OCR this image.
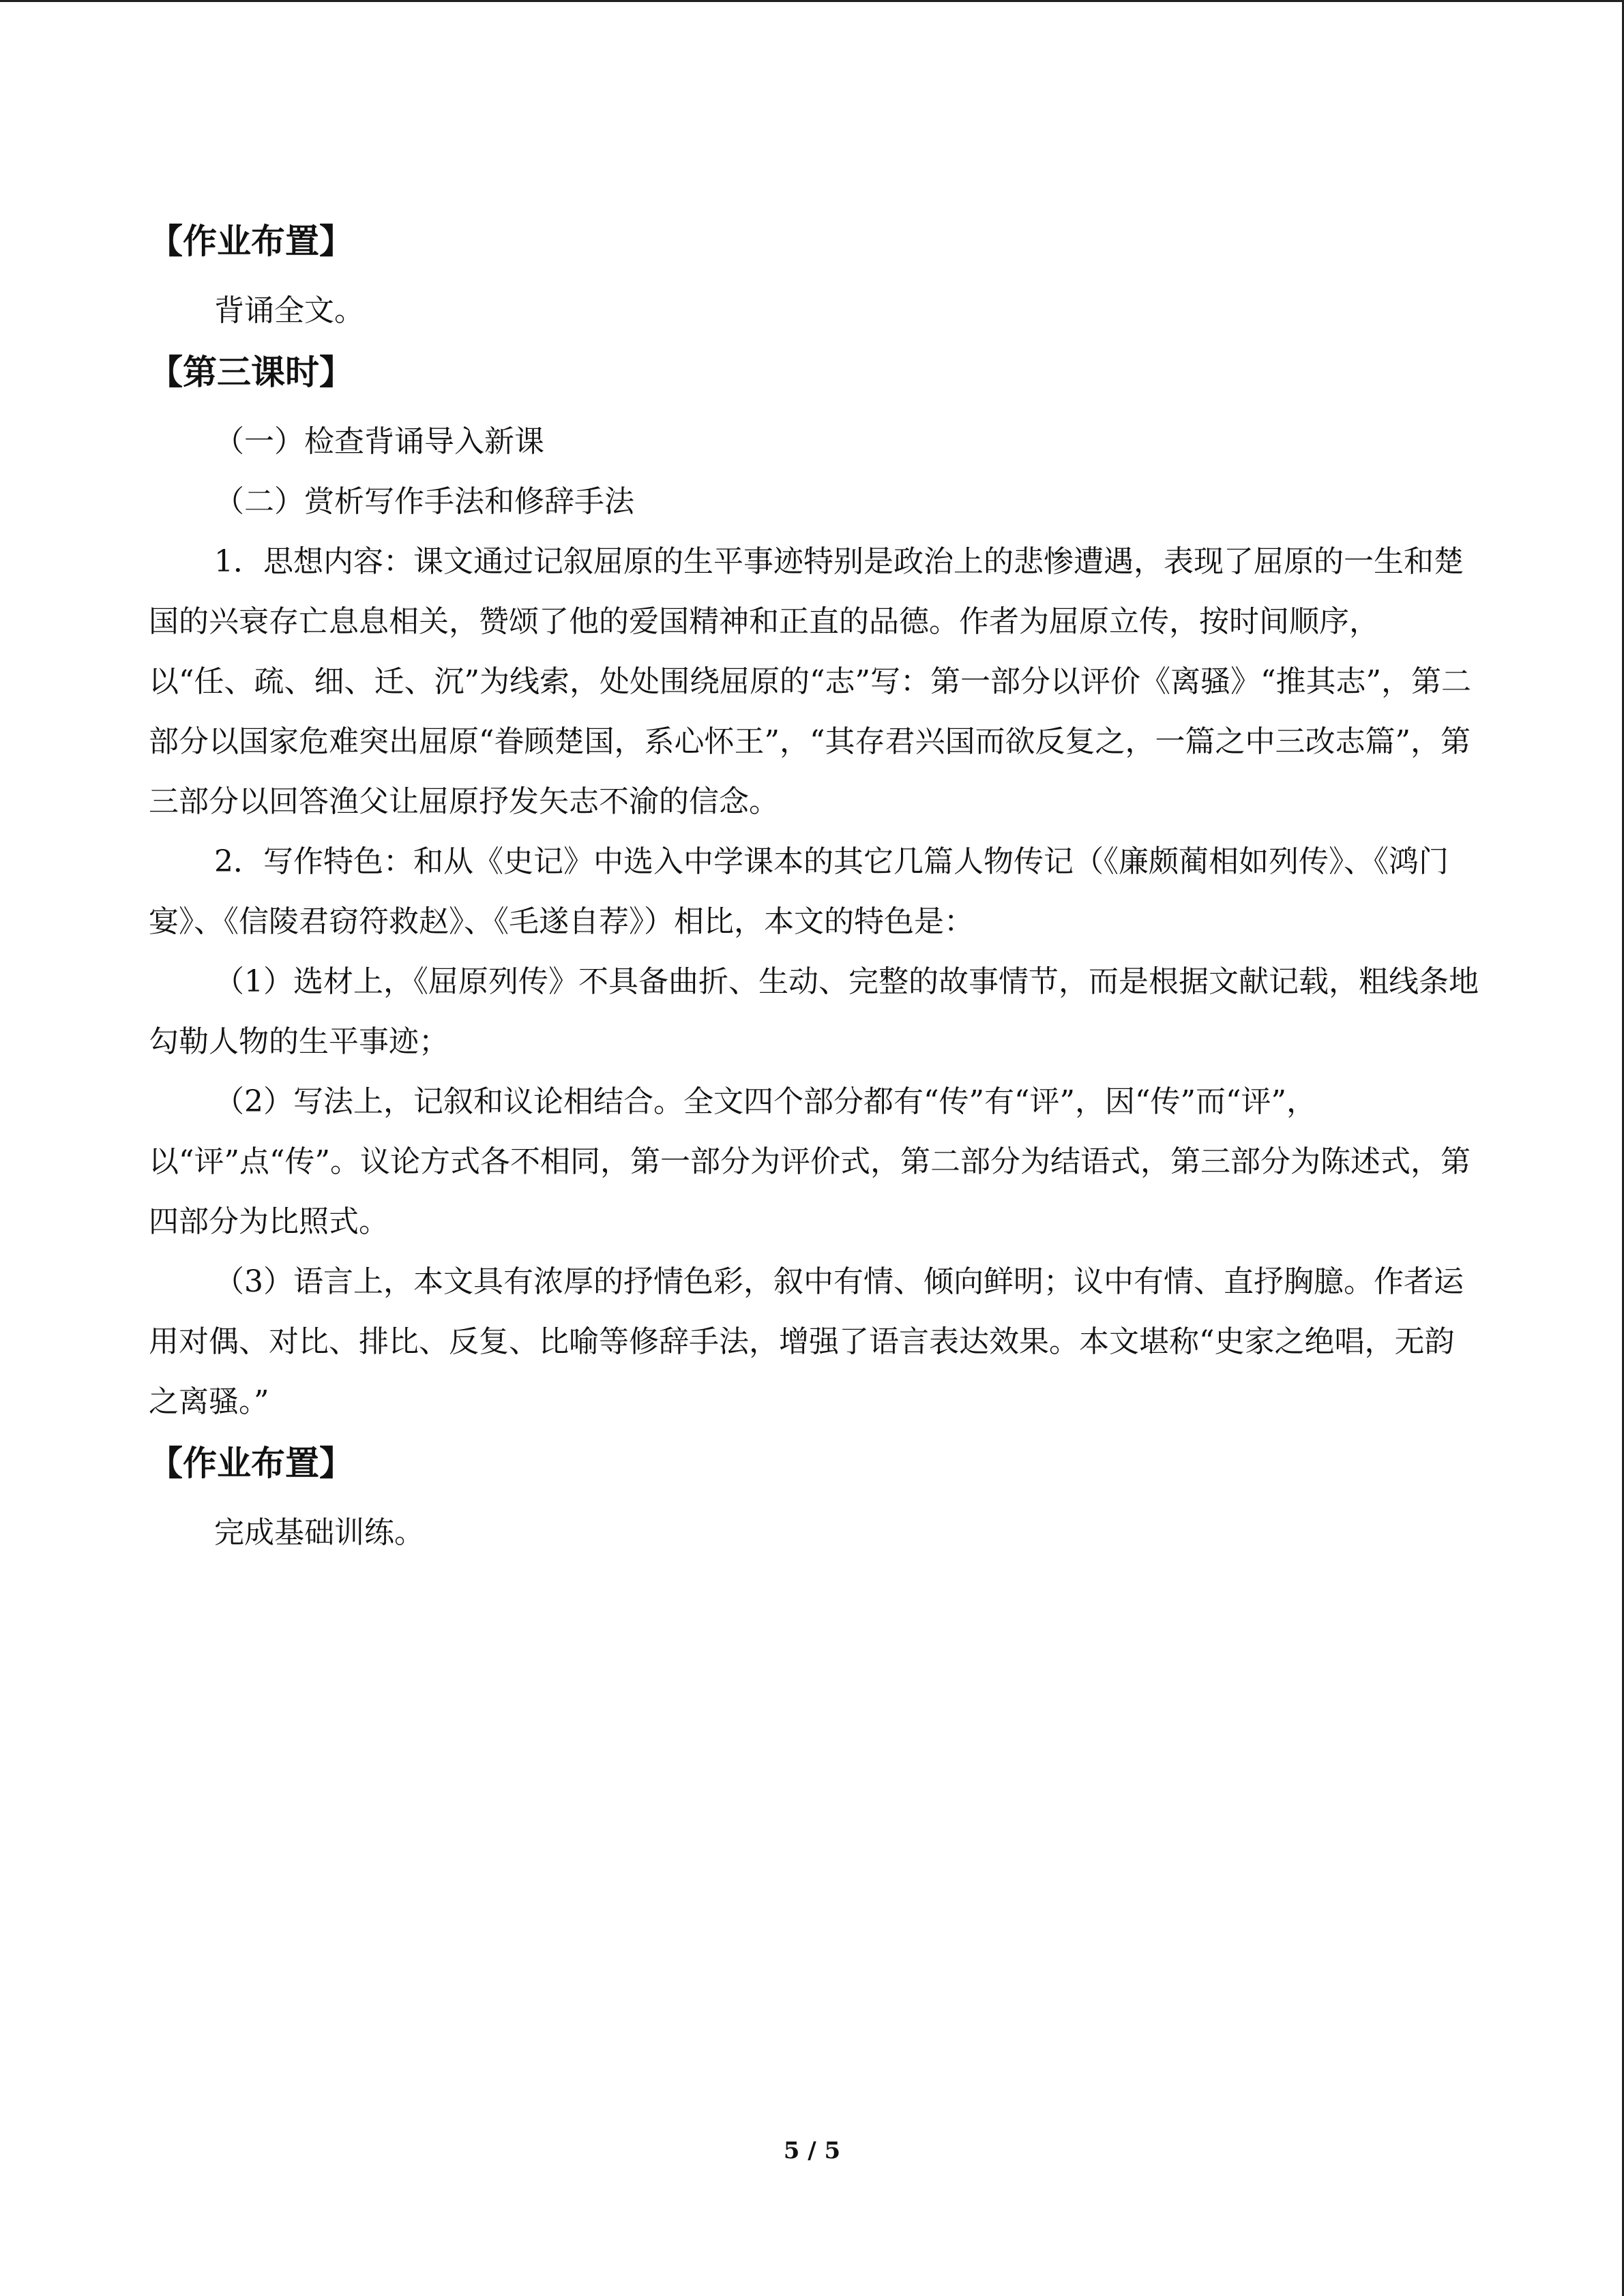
【作业布置】

背诵全文。

【第三课时】

（一）检查背诵导入新课

（二）赏析写作手法和修辞手法

1．思想内容：课文通过记叙屈原的生平事迹特别是政治上的悲惨遭遇，表现了屈原的一生和楚国的兴衰存亡息息相关，赞颂了他的爱国精神和正直的品德。作者为屈原立传，按时间顺序，以“任、疏、细、迁、沉”为线索，处处围绕屈原的“志”写：第一部分以评价《离骚》“推其志”，第二部分以国家危难突出屈原“眷顾楚国，系心怀王”，“其存君兴国而欲反复之，一篇之中三改志篇”，第三部分以回答渔父让屈原抒发矢志不渝的信念。

2．写作特色：和从《史记》中选入中学课本的其它几篇人物传记（《廉颇蔺相如列传》、《鸿门宴》、《信陵君窃符救赵》、《毛遂自荐》）相比，本文的特色是：

（1）选材上，《屈原列传》不具备曲折、生动、完整的故事情节，而是根据文献记载，粗线条地勾勒人物的生平事迹；

（2）写法上，记叙和议论相结合。全文四个部分都有“传”有“评”，因“传”而“评”，以“评”点“传”。议论方式各不相同，第一部分为评价式，第二部分为结语式，第三部分为陈述式，第四部分为比照式。

（3）语言上，本文具有浓厚的抒情色彩，叙中有情、倾向鲜明；议中有情、直抒胸臆。作者运用对偶、对比、排比、反复、比喻等修辞手法，增强了语言表达效果。本文堪称“史家之绝唱，无韵之离骚。”

【作业布置】

完成基础训练。

5 / 5
